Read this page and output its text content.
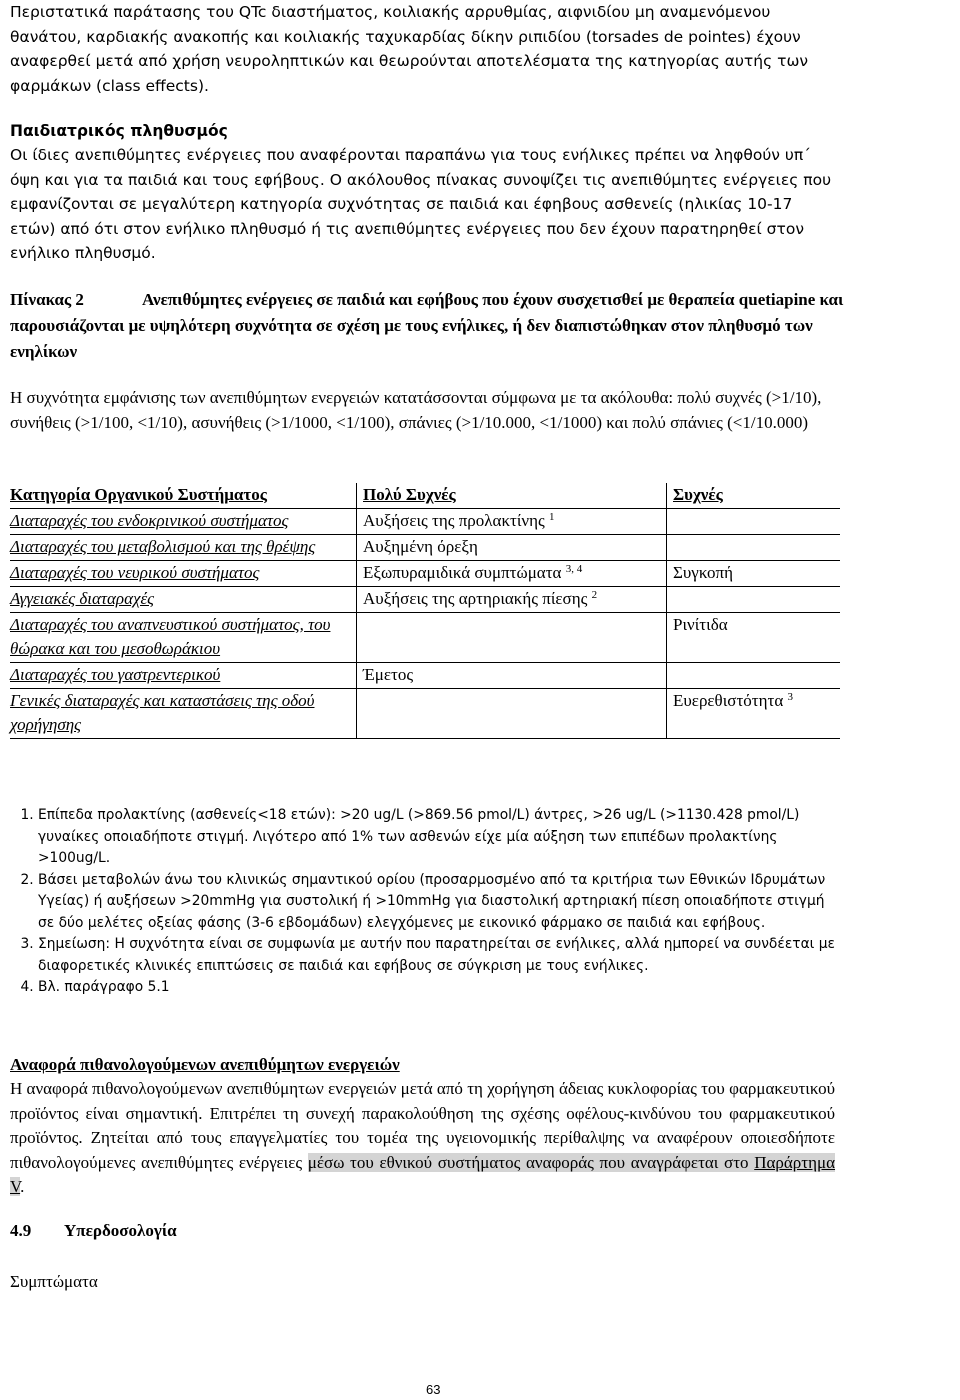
Περιστατικά παράτασης του QTc διαστήματος, κοιλιακής αρρυθμίας, αιφνιδίου μη αναμενόμενου θανάτου, καρδιακής ανακοπής και κοιλιακής ταχυκαρδίας δίκην ριπιδίου (torsades de pointes) έχουν αναφερθεί μετά από χρήση νευροληπτικών και θεωρούνται αποτελέσματα της κατηγορίας αυτής των φαρμάκων (class effects).

Παιδιατρικός πληθυσμός

Οι ίδιες ανεπιθύμητες ενέργειες που αναφέρονται παραπάνω για τους ενήλικες πρέπει να ληφθούν υπ΄ όψη και για τα παιδιά και τους εφήβους. Ο ακόλουθος πίνακας συνοψίζει τις ανεπιθύμητες ενέργειες που εμφανίζονται σε μεγαλύτερη κατηγορία συχνότητας σε παιδιά και έφηβους ασθενείς (ηλικίας 10-17 ετών) από ότι στον ενήλικο πληθυσμό ή τις ανεπιθύμητες ενέργειες που δεν έχουν παρατηρηθεί στον ενήλικο πληθυσμό.

Πίνακας 2	Ανεπιθύμητες ενέργειες σε παιδιά και εφήβους που έχουν συσχετισθεί με θεραπεία quetiapine και παρουσιάζονται με υψηλότερη συχνότητα σε σχέση με τους ενήλικες, ή δεν διαπιστώθηκαν στον πληθυσμό των ενηλίκων

Η συχνότητα εμφάνισης των ανεπιθύμητων ενεργειών κατατάσσονται σύμφωνα με τα ακόλουθα: πολύ συχνές (>1/10), συνήθεις (>1/100, <1/10), ασυνήθεις (>1/1000, <1/100), σπάνιες (>1/10.000, <1/1000) και πολύ σπάνιες (<1/10.000)

Κατηγορία Οργανικού Συστήματος	Πολύ Συχνές	Συχνές
Διαταραχές του ενδοκρινικού συστήματος	Αυξήσεις της προλακτίνης $^1$	
Διαταραχές του μεταβολισμού και της θρέψης	Αυξημένη όρεξη	
Διαταραχές του νευρικού συστήματος	Εξωπυραμιδικά συμπτώματα $^{3, 4}$	Συγκοπή
Αγγειακές διαταραχές	Αυξήσεις της αρτηριακής πίεσης $^2$	
Διαταραχές του αναπνευστικού συστήματος, του θώρακα και του μεσοθωράκιου		Ρινίτιδα
Διαταραχές του γαστρεντερικού	Έμετος	
Γενικές διαταραχές και καταστάσεις της οδού χορήγησης		Ευερεθιστότητα $^3$
1. Επίπεδα προλακτίνης (ασθενείς<18 ετών): >20 ug/L (>869.56 pmol/L) άντρες, >26 ug/L (>1130.428 pmol/L) γυναίκες οποιαδήποτε στιγμή. Λιγότερο από 1% των ασθενών είχε μία αύξηση των επιπέδων προλακτίνης >100ug/L.
2. Βάσει μεταβολών άνω του κλινικώς σημαντικού ορίου (προσαρμοσμένο από τα κριτήρια των Εθνικών Ιδρυμάτων Υγείας) ή αυξήσεων >20mmHg για συστολική ή >10mmHg για διαστολική αρτηριακή πίεση οποιαδήποτε στιγμή σε δύο μελέτες οξείας φάσης (3-6 εβδομάδων) ελεγχόμενες με εικονικό φάρμακο σε παιδιά και εφήβους.
3. Σημείωση: Η συχνότητα είναι σε συμφωνία με αυτήν που παρατηρείται σε ενήλικες, αλλά ημπορεί να συνδέεται με διαφορετικές κλινικές επιπτώσεις σε παιδιά και εφήβους σε σύγκριση με τους ενήλικες.
4. Βλ. παράγραφο 5.1

Αναφορά πιθανολογούμενων ανεπιθύμητων ενεργειών

Η αναφορά πιθανολογούμενων ανεπιθύμητων ενεργειών μετά από τη χορήγηση άδειας κυκλοφορίας του φαρμακευτικού προϊόντος είναι σημαντική. Επιτρέπει τη συνεχή παρακολούθηση της σχέσης οφέλους-κινδύνου του φαρμακευτικού προϊόντος. Ζητείται από τους επαγγελματίες του τομέα της υγειονομικής περίθαλψης να αναφέρουν οποιεσδήποτε πιθανολογούμενες ανεπιθύμητες ενέργειες μέσω του εθνικού συστήματος αναφοράς που αναγράφεται στο Παράρτημα V.

4.9 Υπερδοσολογία

Συμπτώματα

63
